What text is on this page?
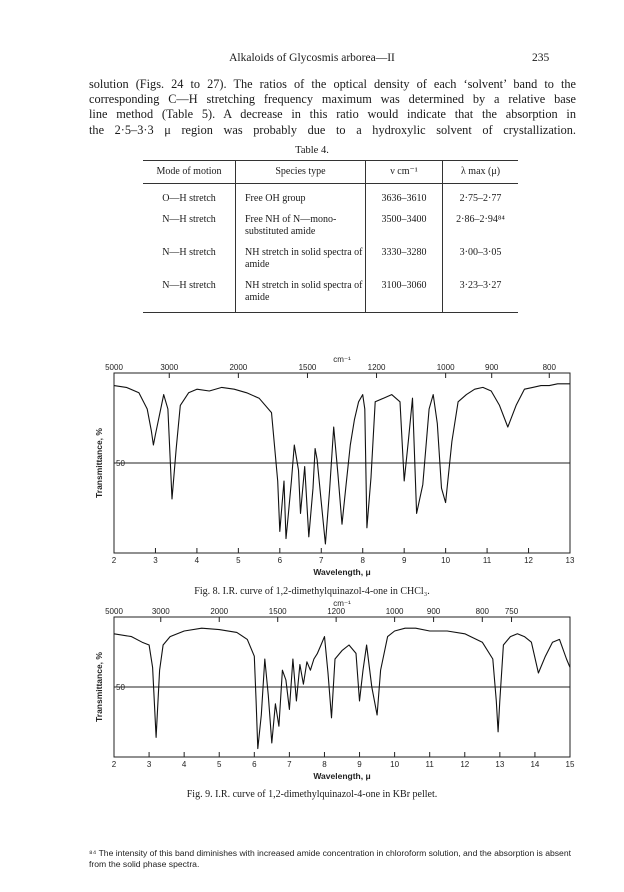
Alkaloids of Glycosmis arborea—II	235
solution (Figs. 24 to 27). The ratios of the optical density of each ‘solvent’ band to the
corresponding C—H stretching frequency maximum was determined by a relative base
line method (Table 5). A decrease in this ratio would indicate that the absorption in
the 2·5–3·3 μ region was probably due to a hydroxylic solvent of crystallization.
Table 4.
Mode of motion	Species type	ν cm⁻¹	λ max (μ)
O—H stretch	Free OH group	3636–3610	2·75–2·77
N—H stretch	Free NH of N—mono-substituted amide	3500–3400	2·86–2·94⁸⁴
N—H stretch	NH stretch in solid spectra of amide	3330–3280	3·00–3·05
N—H stretch	NH stretch in solid spectra of amide	3100–3060	3·23–3·27
cm⁻¹
5000	3000	2000	1500	1200	1000	900	800
2	3	4	5	6	7	8	9	10	11	12	13
50
Wavelength, μ
Transmittance, %
Fig. 8. I.R. curve of 1,2-dimethylquinazol-4-one in CHCl₃.
cm⁻¹
5000	3000	2000	1500	1200	1000	900	800 750
2	3	4	5	6	7	8	9	10	11	12	13	14	15
50
Wavelength, μ
Transmittance, %
Fig. 9. I.R. curve of 1,2-dimethylquinazol-4-one in KBr pellet.
⁸⁴ The intensity of this band diminishes with increased amide concentration in chloroform solution, and the absorption is absent from the solid phase spectra.
